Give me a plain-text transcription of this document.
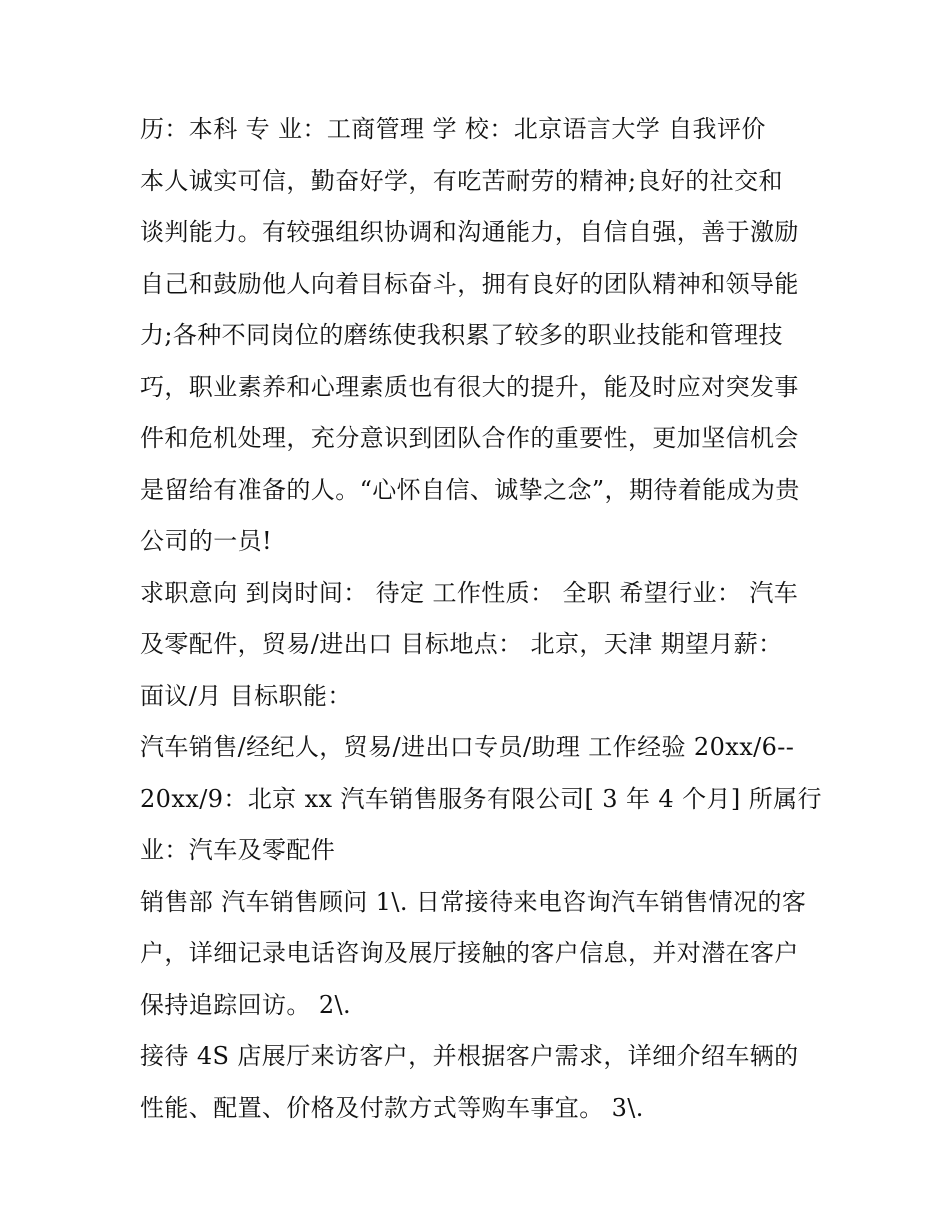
历：本科 专 业：工商管理 学 校：北京语言大学 自我评价

本人诚实可信，勤奋好学，有吃苦耐劳的精神;良好的社交和

谈判能力。有较强组织协调和沟通能力，自信自强，善于激励

自己和鼓励他人向着目标奋斗，拥有良好的团队精神和领导能

力;各种不同岗位的磨练使我积累了较多的职业技能和管理技

巧，职业素养和心理素质也有很大的提升，能及时应对突发事

件和危机处理，充分意识到团队合作的重要性，更加坚信机会

是留给有准备的人。“心怀自信、诚挚之念”，期待着能成为贵

公司的一员!

求职意向 到岗时间： 待定 工作性质： 全职 希望行业： 汽车

及零配件，贸易/进出口 目标地点： 北京，天津 期望月薪：

面议/月 目标职能：

汽车销售/经纪人，贸易/进出口专员/助理 工作经验 20xx/6--

20xx/9：北京 xx 汽车销售服务有限公司[ 3 年 4 个月] 所属行

业：汽车及零配件

销售部 汽车销售顾问 1\. 日常接待来电咨询汽车销售情况的客

户，详细记录电话咨询及展厅接触的客户信息，并对潜在客户

保持追踪回访。 2\.

接待 4S 店展厅来访客户，并根据客户需求，详细介绍车辆的

性能、配置、价格及付款方式等购车事宜。 3\.
